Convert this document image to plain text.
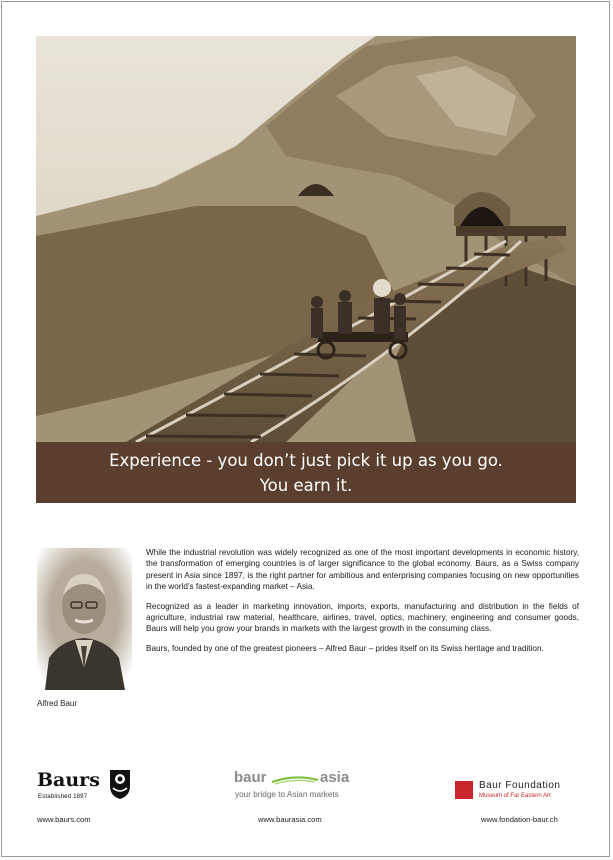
Experience - you don’t just pick it up as you go.
You earn it.
Alfred Baur

While the industrial revolution was widely recognized as one of the most important developments in economic history, the transformation of emerging countries is of larger significance to the global economy. Baurs, as a Swiss company present in Asia since 1897, is the right partner for ambitious and enterprising companies focusing on new opportunities in the world’s fastest-expanding market – Asia.

Recognized as a leader in marketing innovation, imports, exports, manufacturing and distribution in the fields of agriculture, industrial raw material, healthcare, airlines, travel, optics, machinery, engineering and consumer goods, Baurs will help you grow your brands in markets with the largest growth in the consuming class.

Baurs, founded by one of the greatest pioneers – Alfred Baur – prides itself on its Swiss heritage and tradition.

Baurs
Established 1897
baur	asia
your bridge to Asian markets
Baur Foundation
Museum of Far Eastern Art
www.baurs.com	www.baurasia.com	www.fondation-baur.ch
